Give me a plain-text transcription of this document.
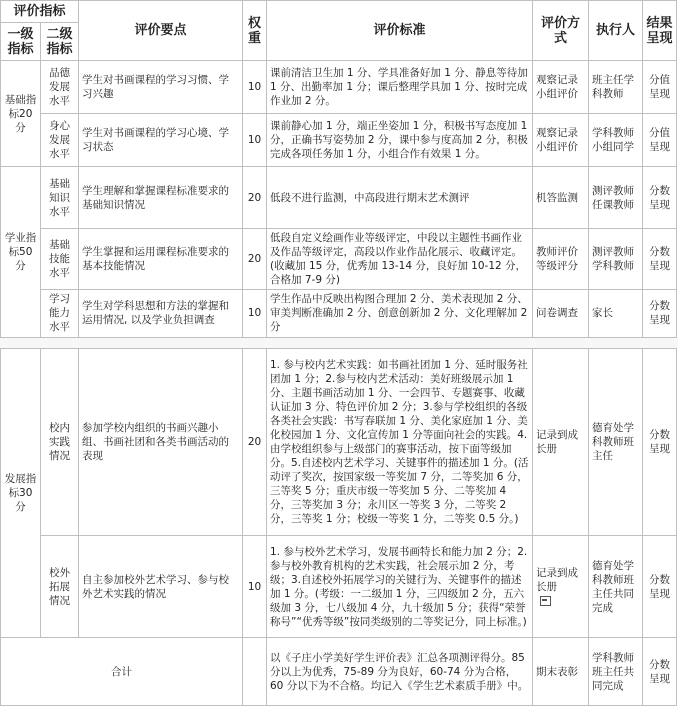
评价指标		评价要点	权重	评价标准	评价方式	执行人	结果呈现
一级指标	二级指标						
基础指标20 分	品德发展水平	学生对书画课程的学习习惯、学习兴趣	10	课前清洁卫生加 1 分、学具准备好加 1 分、静息等待加 1 分、出勤率加 1 分；课后整理学具加 1 分、按时完成作业加 2 分。	观察记录小组评价	班主任学科教师	分值呈现
	身心发展水平	学生对书画课程的学习心境、学习状态	10	课前静心加 1 分，端正坐姿加 1 分，积极书写态度加 1 分，正确书写姿势加 2 分，课中参与度高加 2 分，积极完成各项任务加 1 分，小组合作有效果 1 分。	观察记录小组评价	学科教师小组同学	分值呈现
学业指标50 分	基础知识水平	学生理解和掌握课程标准要求的基础知识情况	20	低段不进行监测，中高段进行期末艺术测评	机答监测	测评教师任课教师	分数呈现
	基础技能水平	学生掌握和运用课程标准要求的基本技能情况	20	低段自定义绘画作业等级评定，中段以主题性书画作业及作品等级评定，高段以作业作品化展示、收藏评定。(收藏加 15 分，优秀加 13-14 分，良好加 10-12 分，合格加 7-9 分)	教师评价等级评分	测评教师学科教师	分数呈现
	学习能力水平	学生对学科思想和方法的掌握和运用情况, 以及学业负担调查	10	学生作品中反映出构图合理加 2 分、美术表现加 2 分、审美判断准确加 2 分、创意创新加 2 分、文化理解加 2 分	问卷调查	家长	分数呈现
发展指标30 分	校内实践情况	参加学校内组织的书画兴趣小组、书画社团和各类书画活动的表现	20	1. 参与校内艺术实践：如书画社团加 1 分、延时服务社团加 1 分；2.参与校内艺术活动：美好班级展示加 1 分、主题书画活动加 1 分、一会四节、专题赛事、收藏认证加 3 分、特色评价加 2 分；3.参与学校组织的各级各类社会实践：书写春联加 1 分、美化家庭加 1 分、美化校园加 1 分、文化宣传加 1 分等面向社会的实践。4.由学校组织参与上级部门的赛事活动，按下面等级加分。5.自述校内艺术学习、关键事件的描述加 1 分。(活动评了奖次，按国家级一等奖加 7 分，二等奖加 6 分，三等奖 5 分；重庆市级一等奖加 5 分、二等奖加 4 分，三等奖加 3 分；永川区一等奖 3 分，二等奖 2 分，三等奖 1 分；校级一等奖 1 分，二等奖 0.5 分。)	记录到成长册	德育处学科教师班主任	分数呈现
	校外拓展情况	自主参加校外艺术学习、参与校外艺术实践的情况	10	1. 参与校外艺术学习，发展书画特长和能力加 2 分；2.参与校外教育机构的艺术实践，社会展示加 2 分，考级；3.自述校外拓展学习的关键行为、关键事件的描述加 1 分。(考级：一二级加 1 分，三四级加 2 分，五六级加 3 分，七八级加 4 分，九十级加 5 分；获得“荣誉称号”“优秀等级”按同类级别的二等奖记分，同上标准。)	记录到成长册	德育处学科教师班主任共同完成	分数呈现
合计				以《子庄小学美好学生评价表》汇总各项测评得分。85 分以上为优秀，75-89 分为良好，60-74 分为合格，60 分以下为不合格。均记入《学生艺术素质手册》中。	期末表彰	学科教师班主任共同完成	分数呈现
